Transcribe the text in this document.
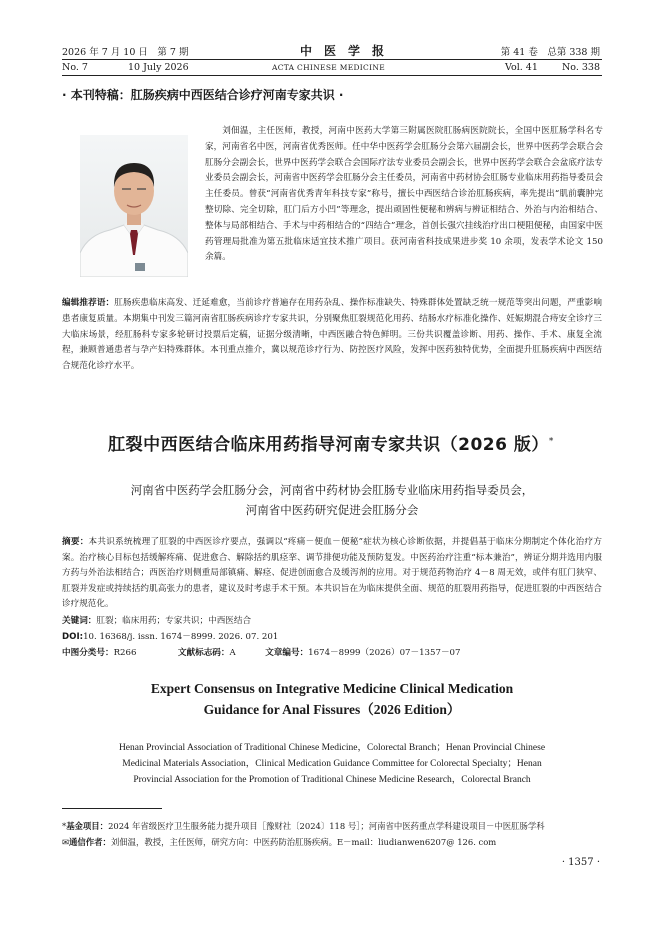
2026 年 7 月 10 日　第 7 期	中　医　学　报	第 41 卷　总第 338 期
No. 7	10 July 2026	ACTA CHINESE MEDICINE	Vol. 41	No. 338
· 本刊特稿：肛肠疾病中西医结合诊疗河南专家共识 ·
刘佃温，主任医师，教授，河南中医药大学第三附属医院肛肠病医院院长，全国中医肛肠学科名专家，河南省名中医，河南省优秀医师。任中华中医药学会肛肠分会第六届副会长，世界中医药学会联合会肛肠分会副会长，世界中医药学会联合会国际疗法专业委员会副会长，世界中医药学会联合会盆底疗法专业委员会副会长，河南省中医药学会肛肠分会主任委员，河南省中药材协会肛肠专业临床用药指导委员会主任委员。曾获“河南省优秀青年科技专家”称号，擅长中西医结合诊治肛肠疾病，率先提出“肌前囊肿完整切除、完全切除，肛门后方小凹”等理念，提出顽固性便秘和辨病与辨证相结合、外治与内治相结合、整体与局部相结合、手术与中药相结合的“四结合”理念，首创长强穴挂线治疗出口梗阻便秘，由国家中医药管理局批准为第五批临床适宜技术推广项目。获河南省科技成果进步奖 10 余项，发表学术论文 150 余篇。
编辑推荐语：肛肠疾患临床高发、迁延难愈，当前诊疗普遍存在用药杂乱、操作标准缺失、特殊群体处置缺乏统一规范等突出问题，严重影响患者康复质量。本期集中刊发三篇河南省肛肠疾病诊疗专家共识，分别聚焦肛裂规范化用药、结肠水疗标准化操作、妊娠期混合痔安全诊疗三大临床场景，经肛肠科专家多轮研讨投票后定稿，证据分级清晰，中西医融合特色鲜明。三份共识覆盖诊断、用药、操作、手术、康复全流程，兼顾普通患者与孕产妇特殊群体。本刊重点推介，冀以规范诊疗行为、防控医疗风险，发挥中医药独特优势，全面提升肛肠疾病中西医结合规范化诊疗水平。
肛裂中西医结合临床用药指导河南专家共识（2026 版）*
河南省中医药学会肛肠分会，河南省中药材协会肛肠专业临床用药指导委员会，
河南省中医药研究促进会肛肠分会
摘要：本共识系统梳理了肛裂的中西医诊疗要点，强调以“疼痛－便血－便秘”症状为核心诊断依据，并提倡基于临床分期制定个体化治疗方案。治疗核心目标包括缓解疼痛、促进愈合、解除括约肌痉挛、调节排便功能及预防复发。中医药治疗注重“标本兼治”，辨证分期并选用内服方药与外治法相结合；西医治疗则侧重局部镇痛、解痉、促进创面愈合及缓泻剂的应用。对于规范药物治疗 4－8 周无效，或伴有肛门狭窄、肛裂并发症或持续括约肌高张力的患者，建议及时考虑手术干预。本共识旨在为临床提供全面、规范的肛裂用药指导，促进肛裂的中西医结合诊疗规范化。
关键词：肛裂；临床用药；专家共识；中西医结合
DOI:10. 16368/j. issn. 1674－8999. 2026. 07. 201
中图分类号：R266	文献标志码：A	文章编号：1674－8999（2026）07－1357－07
Expert Consensus on Integrative Medicine Clinical Medication
Guidance for Anal Fissures（2026 Edition）
Henan Provincial Association of Traditional Chinese Medicine，Colorectal Branch；Henan Provincial Chinese
Medicinal Materials Association，Clinical Medication Guidance Committee for Colorectal Specialty；Henan
Provincial Association for the Promotion of Traditional Chinese Medicine Research，Colorectal Branch
*基金项目：2024 年省级医疗卫生服务能力提升项目［豫财社〔2024〕118 号］；河南省中医药重点学科建设项目－中医肛肠学科
✉通信作者：刘佃温，教授，主任医师，研究方向：中医药防治肛肠疾病。E－mail：liudianwen6207@ 126. com
· 1357 ·
